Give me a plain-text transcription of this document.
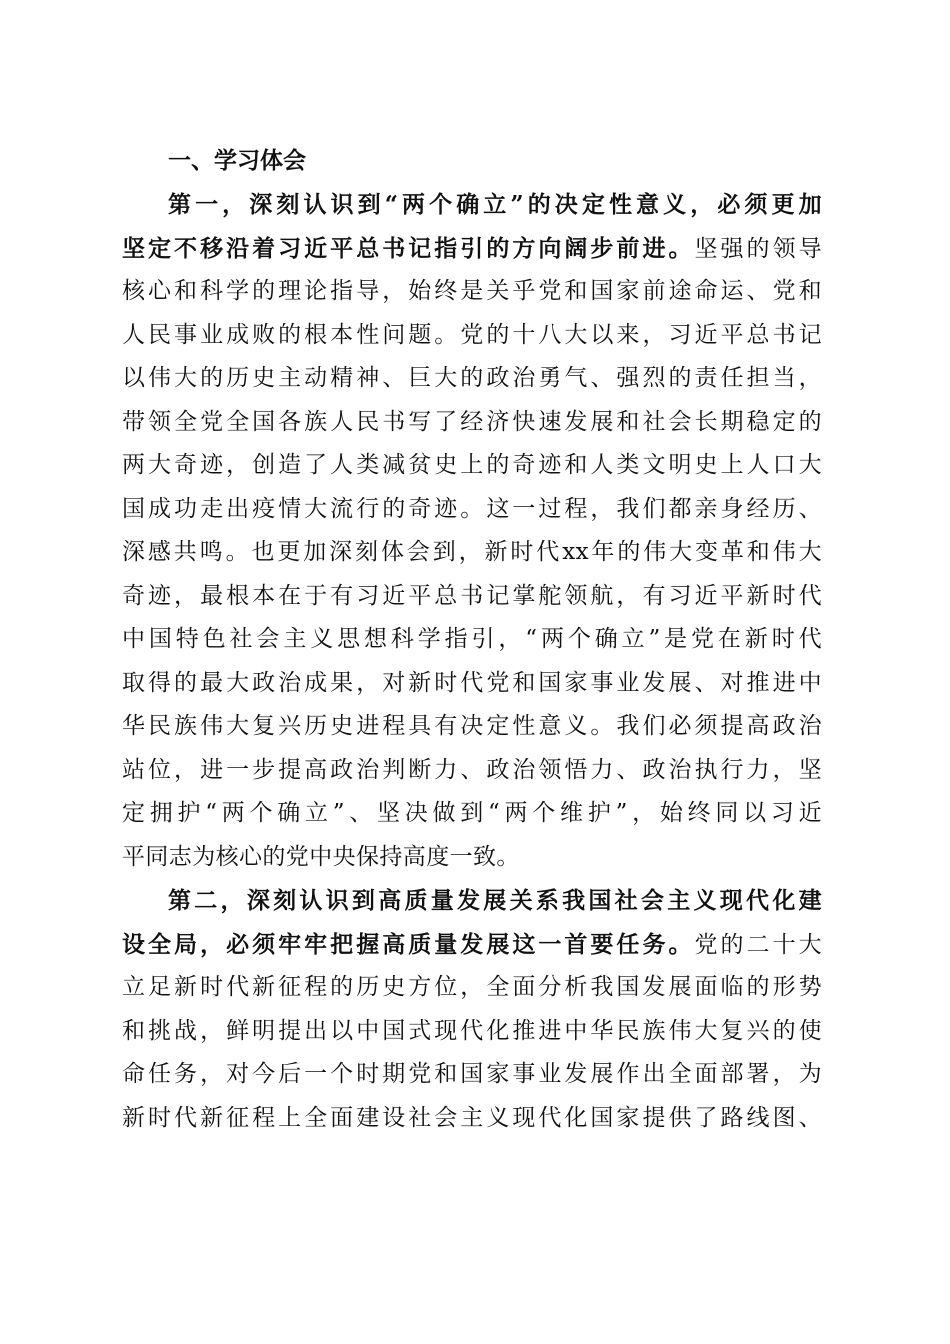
一、学习体会
第一，深刻认识到“两个确立”的决定性意义，必须更加
坚定不移沿着习近平总书记指引的方向阔步前进。坚强的领导
核心和科学的理论指导，始终是关乎党和国家前途命运、党和
人民事业成败的根本性问题。党的十八大以来，习近平总书记
以伟大的历史主动精神、巨大的政治勇气、强烈的责任担当，
带领全党全国各族人民书写了经济快速发展和社会长期稳定的
两大奇迹，创造了人类减贫史上的奇迹和人类文明史上人口大
国成功走出疫情大流行的奇迹。这一过程，我们都亲身经历、
深感共鸣。也更加深刻体会到，新时代xx年的伟大变革和伟大
奇迹，最根本在于有习近平总书记掌舵领航，有习近平新时代
中国特色社会主义思想科学指引，“两个确立”是党在新时代
取得的最大政治成果，对新时代党和国家事业发展、对推进中
华民族伟大复兴历史进程具有决定性意义。我们必须提高政治
站位，进一步提高政治判断力、政治领悟力、政治执行力，坚
定拥护“两个确立”、坚决做到“两个维护”，始终同以习近
平同志为核心的党中央保持高度一致。
第二，深刻认识到高质量发展关系我国社会主义现代化建
设全局，必须牢牢把握高质量发展这一首要任务。党的二十大
立足新时代新征程的历史方位，全面分析我国发展面临的形势
和挑战，鲜明提出以中国式现代化推进中华民族伟大复兴的使
命任务，对今后一个时期党和国家事业发展作出全面部署，为
新时代新征程上全面建设社会主义现代化国家提供了路线图、
